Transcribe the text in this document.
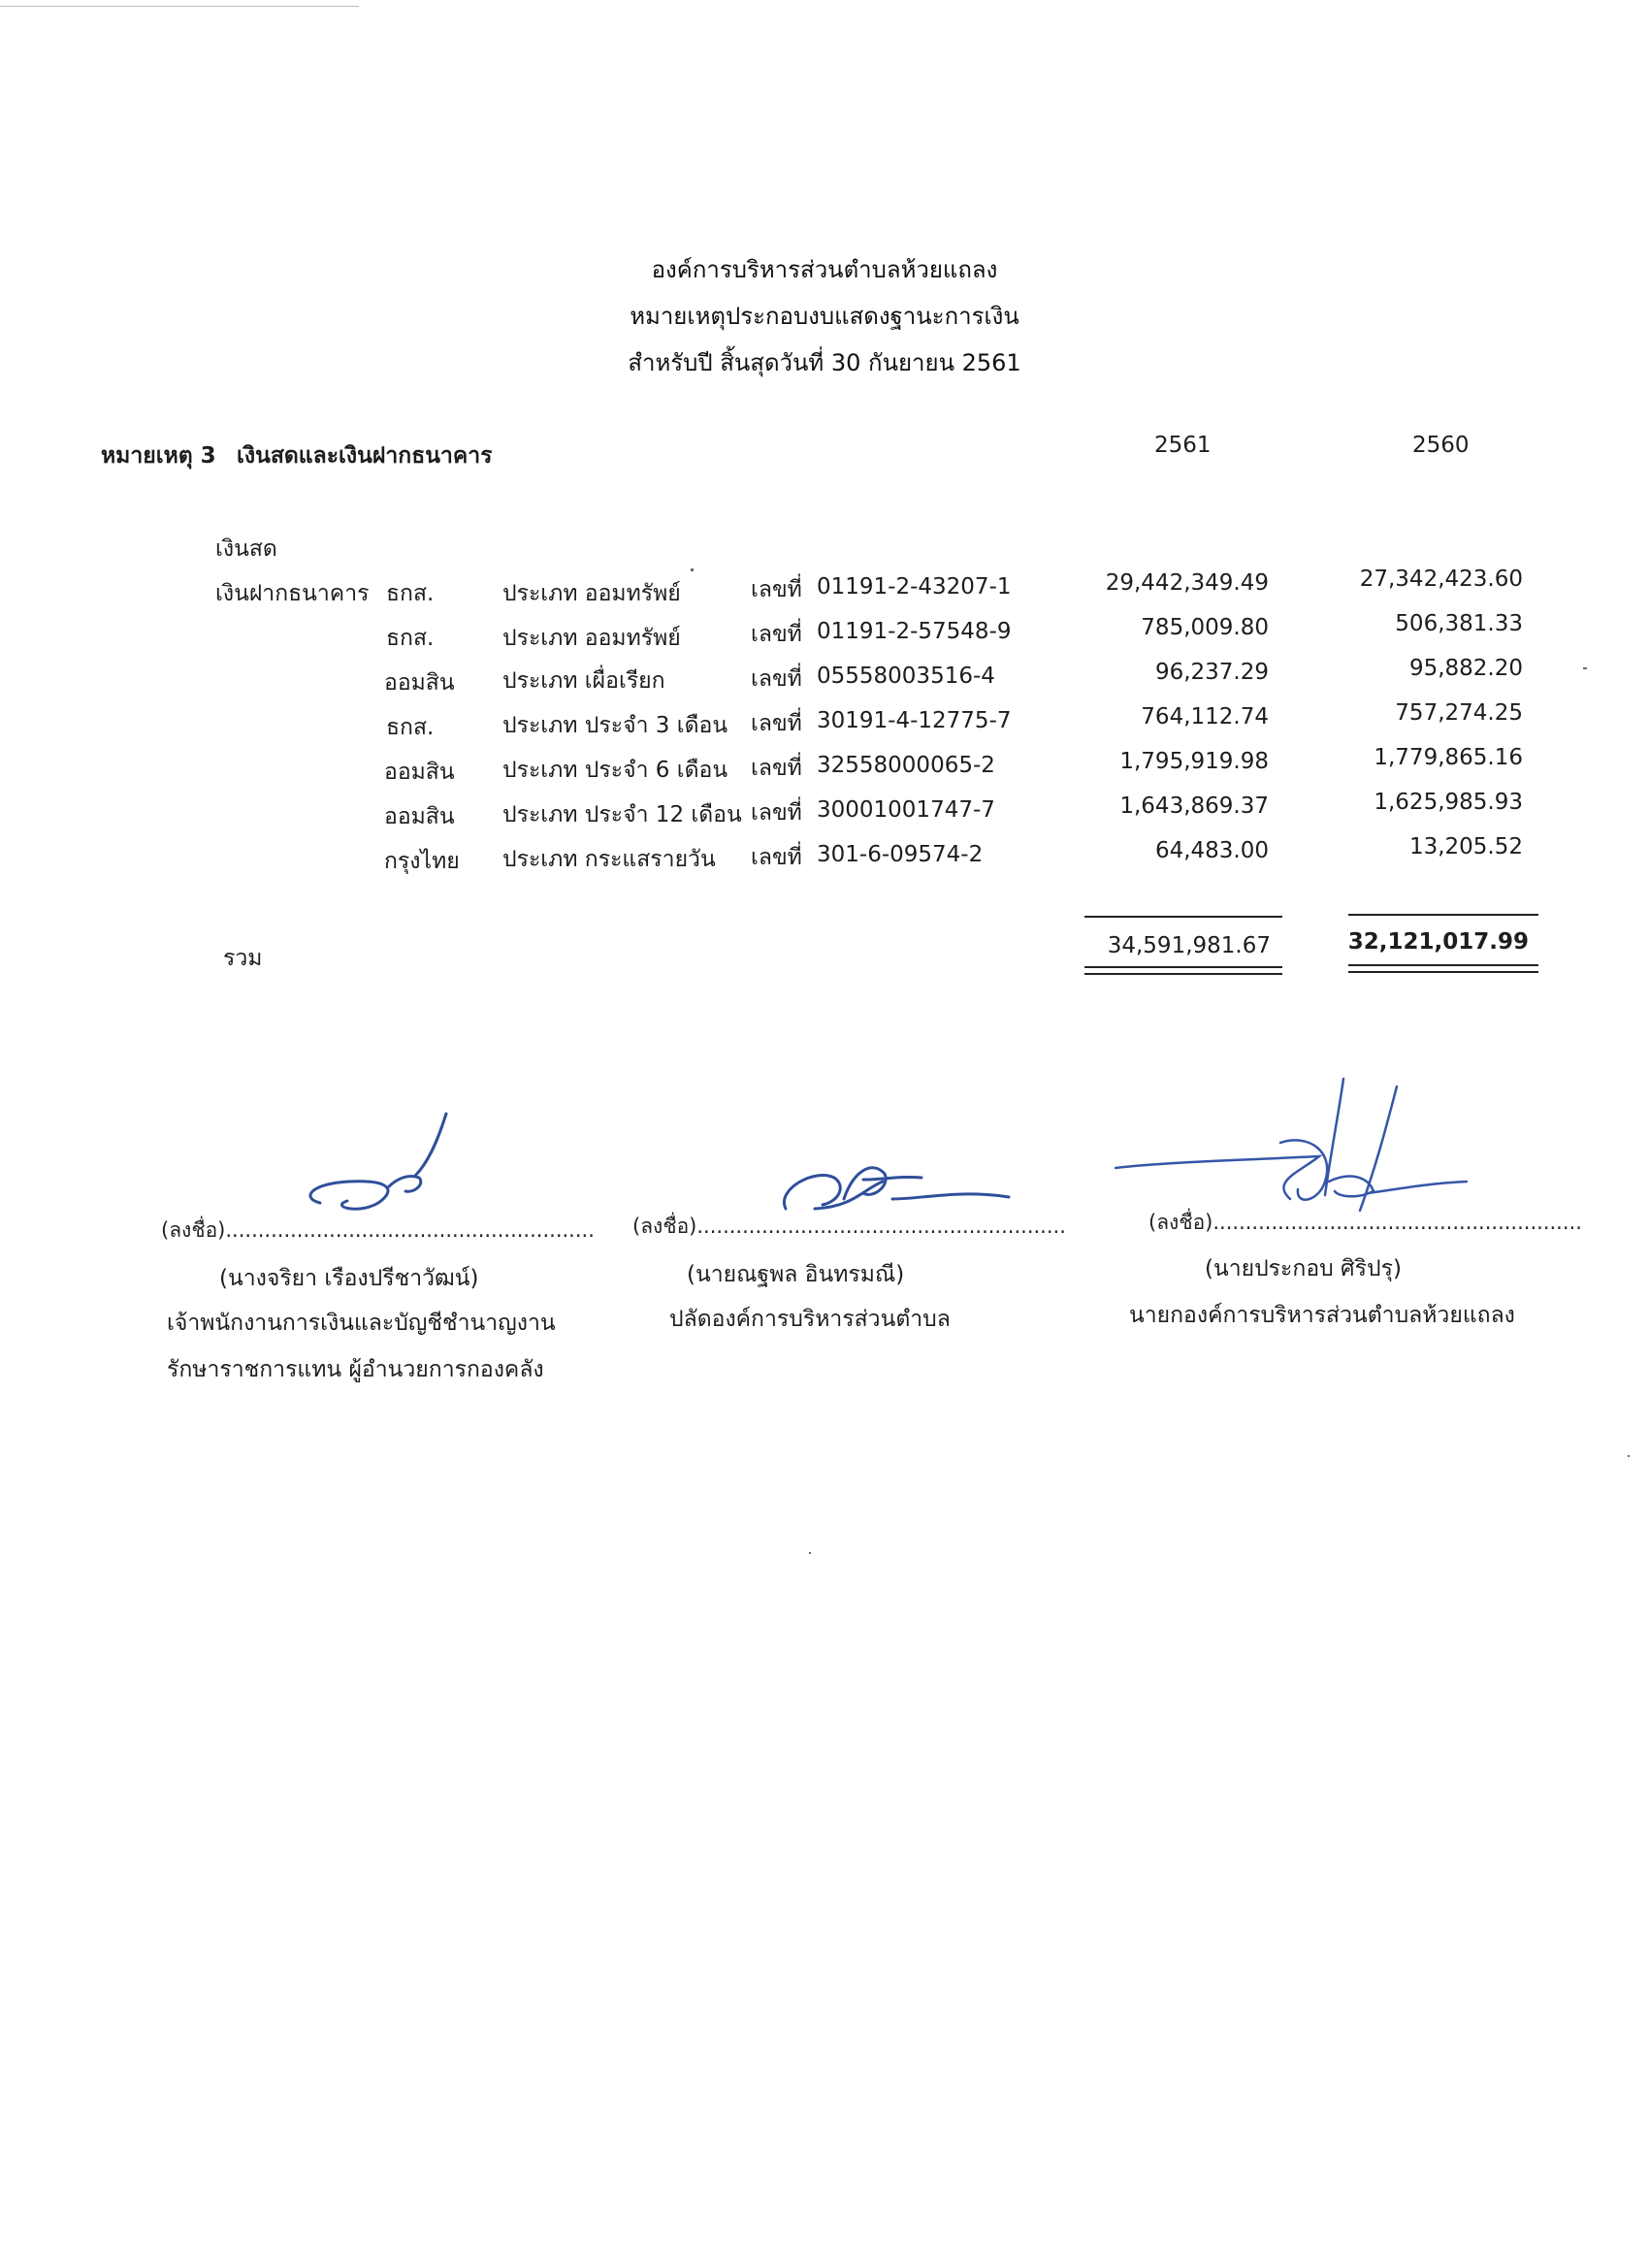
องค์การบริหารส่วนตำบลห้วยแถลง
หมายเหตุประกอบงบแสดงฐานะการเงิน
สำหรับปี สิ้นสุดวันที่ 30 กันยายน 2561
หมายเหตุ 3 เงินสดและเงินฝากธนาคาร	2561	2560
เงินสด
เงินฝากธนาคาร ธกส.	ประเภท ออมทรัพย์	เลขที่ 01191-2-43207-1	29,442,349.49	27,342,423.60
ธกส.	ประเภท ออมทรัพย์	เลขที่ 01191-2-57548-9	785,009.80	506,381.33
ออมสิน ประเภท เผื่อเรียก	เลขที่ 05558003516-4	96,237.29	95,882.20
ธกส.	ประเภท ประจำ 3 เดือน เลขที่ 30191-4-12775-7	764,112.74	757,274.25
ออมสิน ประเภท ประจำ 6 เดือน เลขที่ 32558000065-2	1,795,919.98	1,779,865.16
ออมสิน ประเภท ประจำ 12 เดือน เลขที่ 30001001747-7	1,643,869.37	1,625,985.93
กรุงไทย ประเภท กระแสรายวัน เลขที่ 301-6-09574-2	64,483.00	13,205.52
รวม	34,591,981.67	32,121,017.99
(ลงชื่อ).........................................................
(นางจริยา เรืองปรีชาวัฒน์)
เจ้าพนักงานการเงินและบัญชีชำนาญงาน
รักษาราชการแทน ผู้อำนวยการกองคลัง
(ลงชื่อ).........................................................
(นายณฐพล อินทรมณี)
ปลัดองค์การบริหารส่วนตำบล
(ลงชื่อ).........................................................
(นายประกอบ ศิริปรุ)
นายกองค์การบริหารส่วนตำบลห้วยแถลง
